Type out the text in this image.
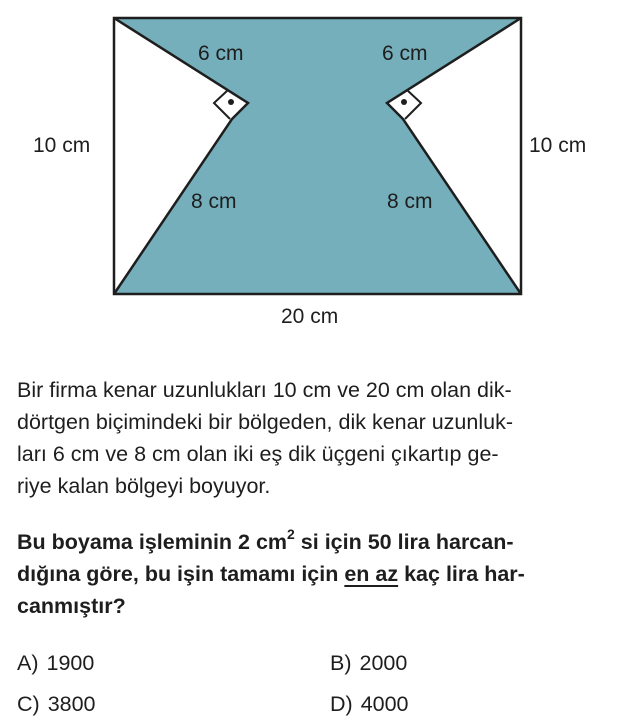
10 cm	10 cm
20 cm
6 cm	6 cm
8 cm	8 cm

Bir firma kenar uzunlukları 10 cm ve 20 cm olan dik-
dörtgen biçimindeki bir bölgeden, dik kenar uzunluk-
ları 6 cm ve 8 cm olan iki eş dik üçgeni çıkartıp ge-
riye kalan bölgeyi boyuyor.

Bu boyama işleminin 2 $cm^2$ si için 50 lira harcan-
dığına göre, bu işin tamamı için en az kaç lira har-
canmıştır?

A) 1900	B) 2000
C) 3800	D) 4000
